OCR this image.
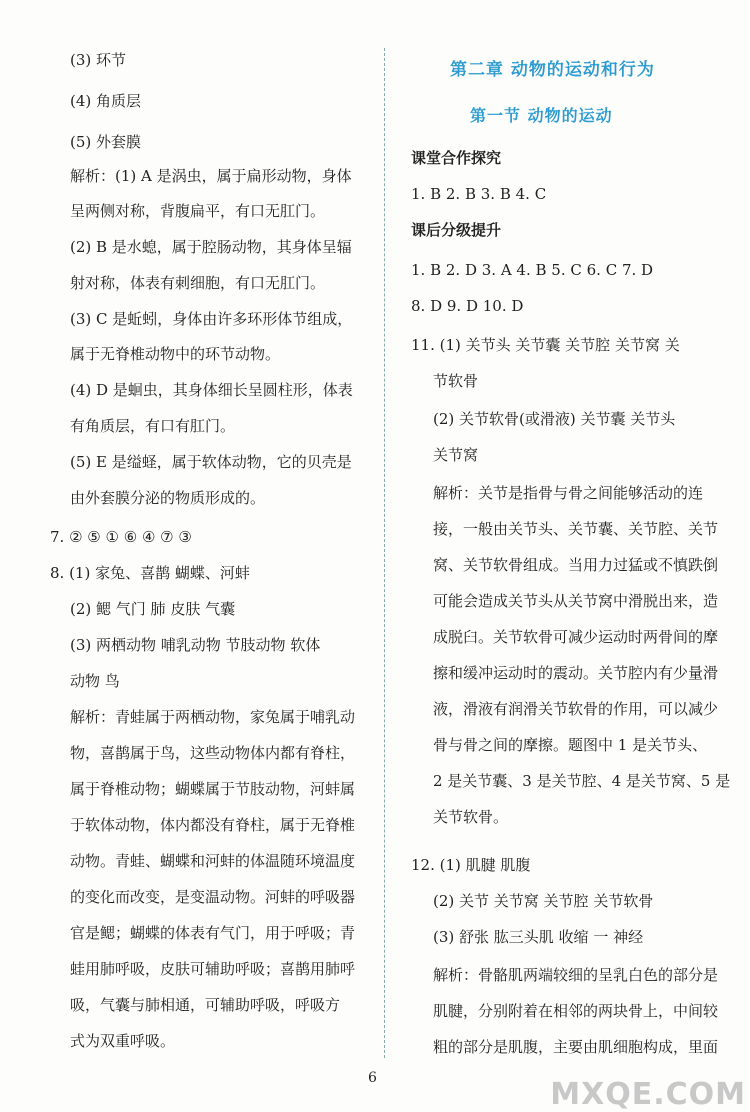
(3) 环节
(4) 角质层
(5) 外套膜
解析：(1) A 是涡虫，属于扁形动物，身体
呈两侧对称，背腹扁平，有口无肛门。
(2) B 是水螅，属于腔肠动物，其身体呈辐
射对称，体表有刺细胞，有口无肛门。
(3) C 是蚯蚓，身体由许多环形体节组成，
属于无脊椎动物中的环节动物。
(4) D 是蛔虫，其身体细长呈圆柱形，体表
有角质层，有口有肛门。
(5) E 是缢蛏，属于软体动物，它的贝壳是
由外套膜分泌的物质形成的。
7. ② ⑤ ① ⑥ ④ ⑦ ③
8. (1) 家兔、喜鹊 蝴蝶、河蚌
(2) 鳃 气门 肺 皮肤 气囊
(3) 两栖动物 哺乳动物 节肢动物 软体
动物 鸟
解析：青蛙属于两栖动物，家兔属于哺乳动
物，喜鹊属于鸟，这些动物体内都有脊柱，
属于脊椎动物；蝴蝶属于节肢动物，河蚌属
于软体动物，体内都没有脊柱，属于无脊椎
动物。青蛙、蝴蝶和河蚌的体温随环境温度
的变化而改变，是变温动物。河蚌的呼吸器
官是鳃；蝴蝶的体表有气门，用于呼吸；青
蛙用肺呼吸，皮肤可辅助呼吸；喜鹊用肺呼
吸，气囊与肺相通，可辅助呼吸，呼吸方
式为双重呼吸。
第二章 动物的运动和行为
第一节 动物的运动
课堂合作探究
1. B 2. B 3. B 4. C
课后分级提升
1. B 2. D 3. A 4. B 5. C 6. C 7. D
8. D 9. D 10. D
11. (1) 关节头 关节囊 关节腔 关节窝 关
节软骨
(2) 关节软骨(或滑液) 关节囊 关节头
关节窝
解析：关节是指骨与骨之间能够活动的连
接，一般由关节头、关节囊、关节腔、关节
窝、关节软骨组成。当用力过猛或不慎跌倒
可能会造成关节头从关节窝中滑脱出来，造
成脱臼。关节软骨可减少运动时两骨间的摩
擦和缓冲运动时的震动。关节腔内有少量滑
液，滑液有润滑关节软骨的作用，可以减少
骨与骨之间的摩擦。题图中 1 是关节头、
2 是关节囊、3 是关节腔、4 是关节窝、5 是
关节软骨。
12. (1) 肌腱 肌腹
(2) 关节 关节窝 关节腔 关节软骨
(3) 舒张 肱三头肌 收缩 一 神经
解析：骨骼肌两端较细的呈乳白色的部分是
肌腱，分别附着在相邻的两块骨上，中间较
粗的部分是肌腹，主要由肌细胞构成，里面
6	MXQE.COM
